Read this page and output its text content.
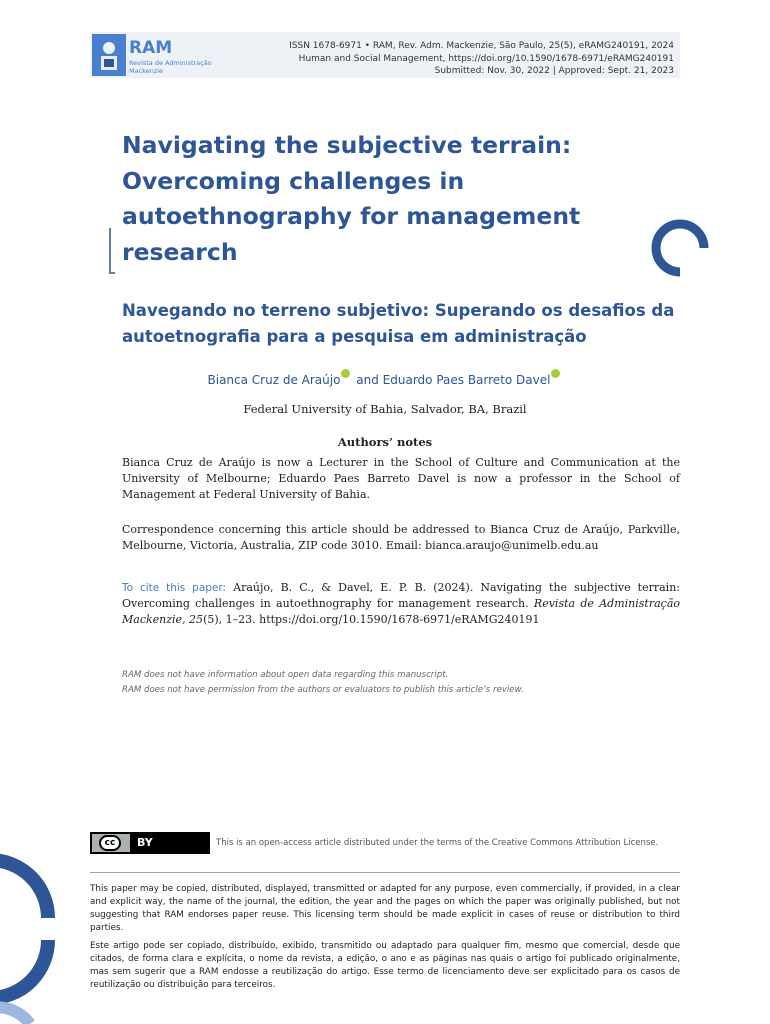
RAM
Revista de Administração
Mackenzie
ISSN 1678-6971 • RAM, Rev. Adm. Mackenzie, São Paulo, 25(5), eRAMG240191, 2024
Human and Social Management, https://doi.org/10.1590/1678-6971/eRAMG240191
Submitted: Nov. 30, 2022 | Approved: Sept. 21, 2023
Navigating the subjective terrain: Overcoming challenges in autoethnography for management research
Navegando no terreno subjetivo: Superando os desafios da autoetnografia para a pesquisa em administração
Bianca Cruz de Araújo and Eduardo Paes Barreto Davel
Federal University of Bahia, Salvador, BA, Brazil
Authors’ notes

Bianca Cruz de Araújo is now a Lecturer in the School of Culture and Communication at the University of Melbourne; Eduardo Paes Barreto Davel is now a professor in the School of Management at Federal University of Bahia.

Correspondence concerning this article should be addressed to Bianca Cruz de Araújo, Parkville, Melbourne, Victoria, Australia, ZIP code 3010. Email: bianca.araujo@unimelb.edu.au

To cite this paper: Araújo, B. C., & Davel, E. P. B. (2024). Navigating the subjective terrain: Overcoming challenges in autoethnography for management research. Revista de Administração Mackenzie, 25(5), 1–23. https://doi.org/10.1590/1678-6971/eRAMG240191

RAM does not have information about open data regarding this manuscript.
RAM does not have permission from the authors or evaluators to publish this article’s review.
cc	BY	This is an open-access article distributed under the terms of the Creative Commons Attribution License.

This paper may be copied, distributed, displayed, transmitted or adapted for any purpose, even commercially, if provided, in a clear and explicit way, the name of the journal, the edition, the year and the pages on which the paper was originally published, but not suggesting that RAM endorses paper reuse. This licensing term should be made explicit in cases of reuse or distribution to third parties.

Este artigo pode ser copiado, distribuído, exibido, transmitido ou adaptado para qualquer fim, mesmo que comercial, desde que citados, de forma clara e explícita, o nome da revista, a edição, o ano e as páginas nas quais o artigo foi publicado originalmente, mas sem sugerir que a RAM endosse a reutilização do artigo. Esse termo de licenciamento deve ser explicitado para os casos de reutilização ou distribuição para terceiros.
